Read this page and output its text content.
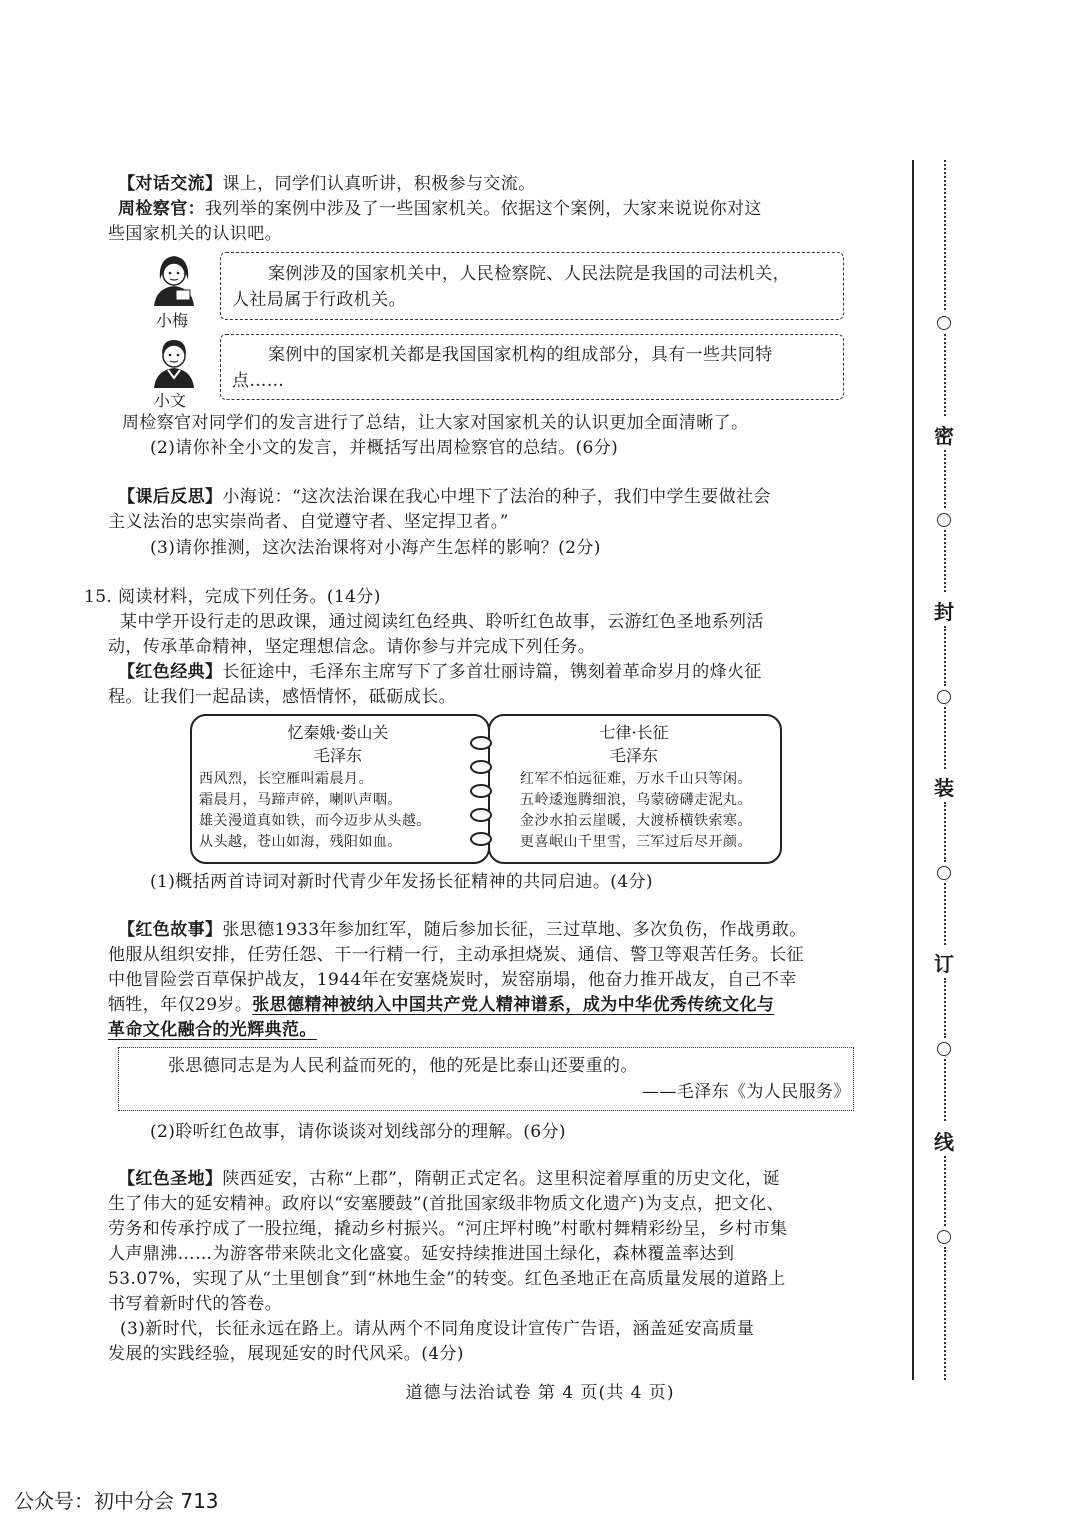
【对话交流】课上，同学们认真听讲，积极参与交流。
周检察官：我列举的案例中涉及了一些国家机关。依据这个案例，大家来说说你对这
些国家机关的认识吧。
小梅
案例涉及的国家机关中，人民检察院、人民法院是我国的司法机关，
人社局属于行政机关。
小文
案例中的国家机关都是我国国家机构的组成部分，具有一些共同特
点……
周检察官对同学们的发言进行了总结，让大家对国家机关的认识更加全面清晰了。
(2)请你补全小文的发言，并概括写出周检察官的总结。(6分)
【课后反思】小海说：“这次法治课在我心中埋下了法治的种子，我们中学生要做社会
主义法治的忠实崇尚者、自觉遵守者、坚定捍卫者。”
(3)请你推测，这次法治课将对小海产生怎样的影响？(2分)
15. 阅读材料，完成下列任务。(14分)
某中学开设行走的思政课，通过阅读红色经典、聆听红色故事，云游红色圣地系列活
动，传承革命精神，坚定理想信念。请你参与并完成下列任务。
【红色经典】长征途中，毛泽东主席写下了多首壮丽诗篇，镌刻着革命岁月的烽火征
程。让我们一起品读，感悟情怀，砥砺成长。
忆秦娥·娄山关
毛泽东
西风烈，长空雁叫霜晨月。
霜晨月，马蹄声碎，喇叭声咽。
雄关漫道真如铁，而今迈步从头越。
从头越，苍山如海，残阳如血。
七律·长征
毛泽东
红军不怕远征难，万水千山只等闲。
五岭逶迤腾细浪，乌蒙磅礴走泥丸。
金沙水拍云崖暖，大渡桥横铁索寒。
更喜岷山千里雪，三军过后尽开颜。
(1)概括两首诗词对新时代青少年发扬长征精神的共同启迪。(4分)
【红色故事】张思德1933年参加红军，随后参加长征，三过草地、多次负伤，作战勇敢。
他服从组织安排，任劳任怨、干一行精一行，主动承担烧炭、通信、警卫等艰苦任务。长征
中他冒险尝百草保护战友，1944年在安塞烧炭时，炭窑崩塌，他奋力推开战友，自己不幸
牺牲，年仅29岁。张思德精神被纳入中国共产党人精神谱系，成为中华优秀传统文化与
革命文化融合的光辉典范。
张思德同志是为人民利益而死的，他的死是比泰山还要重的。
——毛泽东《为人民服务》
(2)聆听红色故事，请你谈谈对划线部分的理解。(6分)
【红色圣地】陕西延安，古称“上郡”，隋朝正式定名。这里积淀着厚重的历史文化，诞
生了伟大的延安精神。政府以“安塞腰鼓”(首批国家级非物质文化遗产)为支点，把文化、
劳务和传承拧成了一股拉绳，撬动乡村振兴。“河庄坪村晚”村歌村舞精彩纷呈，乡村市集
人声鼎沸……为游客带来陕北文化盛宴。延安持续推进国土绿化，森林覆盖率达到
53.07%，实现了从“土里刨食”到“林地生金”的转变。红色圣地正在高质量发展的道路上
书写着新时代的答卷。
(3)新时代，长征永远在路上。请从两个不同角度设计宣传广告语，涵盖延安高质量
发展的实践经验，展现延安的时代风采。(4分)
道德与法治试卷 第 4 页(共 4 页)
密
封
装
订
线
公众号：初中分会 713
